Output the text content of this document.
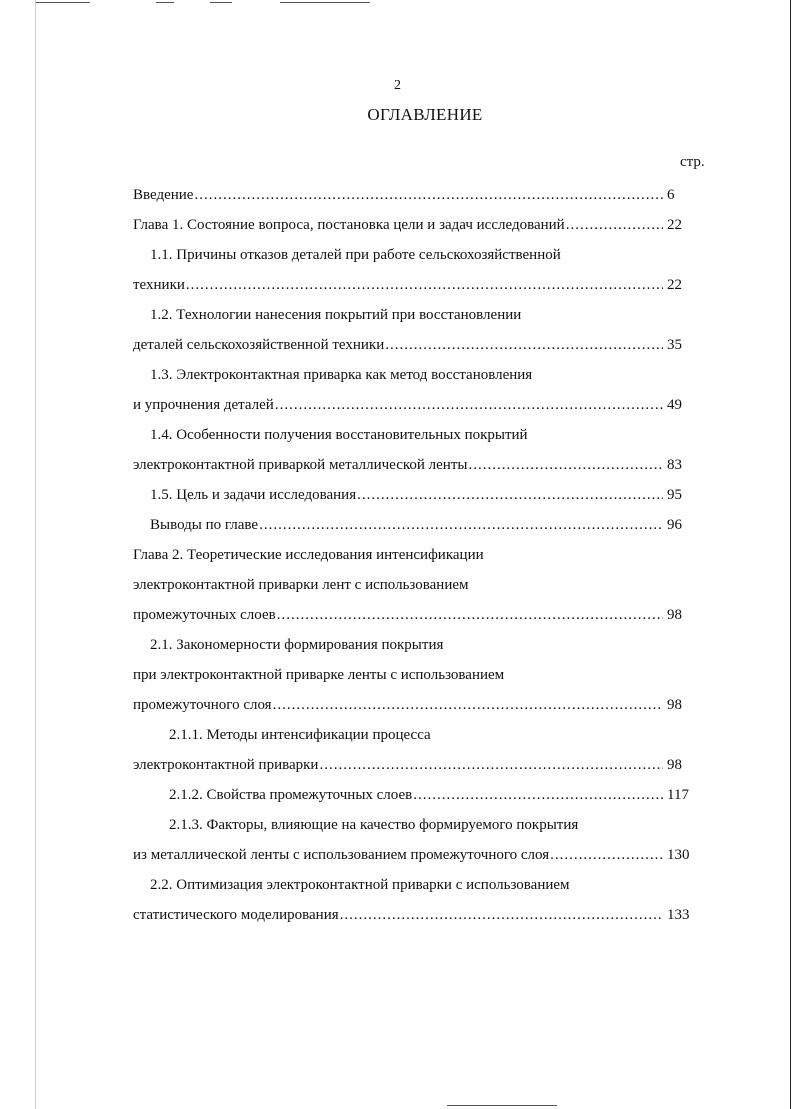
2
ОГЛАВЛЕНИЕ
стр.
Введение .....	6
Глава 1. Состояние вопроса, постановка цели и задач исследований .....	22
1.1. Причины отказов деталей при работе сельскохозяйственной
техники .....	22
1.2. Технологии нанесения покрытий при восстановлении
деталей сельскохозяйственной техники .....	35
1.3. Электроконтактная приварка как метод восстановления
и упрочнения деталей .....	49
1.4. Особенности получения восстановительных покрытий
электроконтактной приваркой металлической ленты .....	83
1.5. Цель и задачи исследования .....	95
Выводы по главе .....	96
Глава 2. Теоретические исследования интенсификации
электроконтактной приварки лент с использованием
промежуточных слоев .....	98
2.1. Закономерности формирования покрытия
при электроконтактной приварке ленты с использованием
промежуточного слоя .....	98
2.1.1. Методы интенсификации процесса
электроконтактной приварки .....	98
2.1.2. Свойства промежуточных слоев .....	117
2.1.3. Факторы, влияющие на качество формируемого покрытия
из металлической ленты с использованием промежуточного слоя .....	130
2.2. Оптимизация электроконтактной приварки с использованием
статистического моделирования .....	133
